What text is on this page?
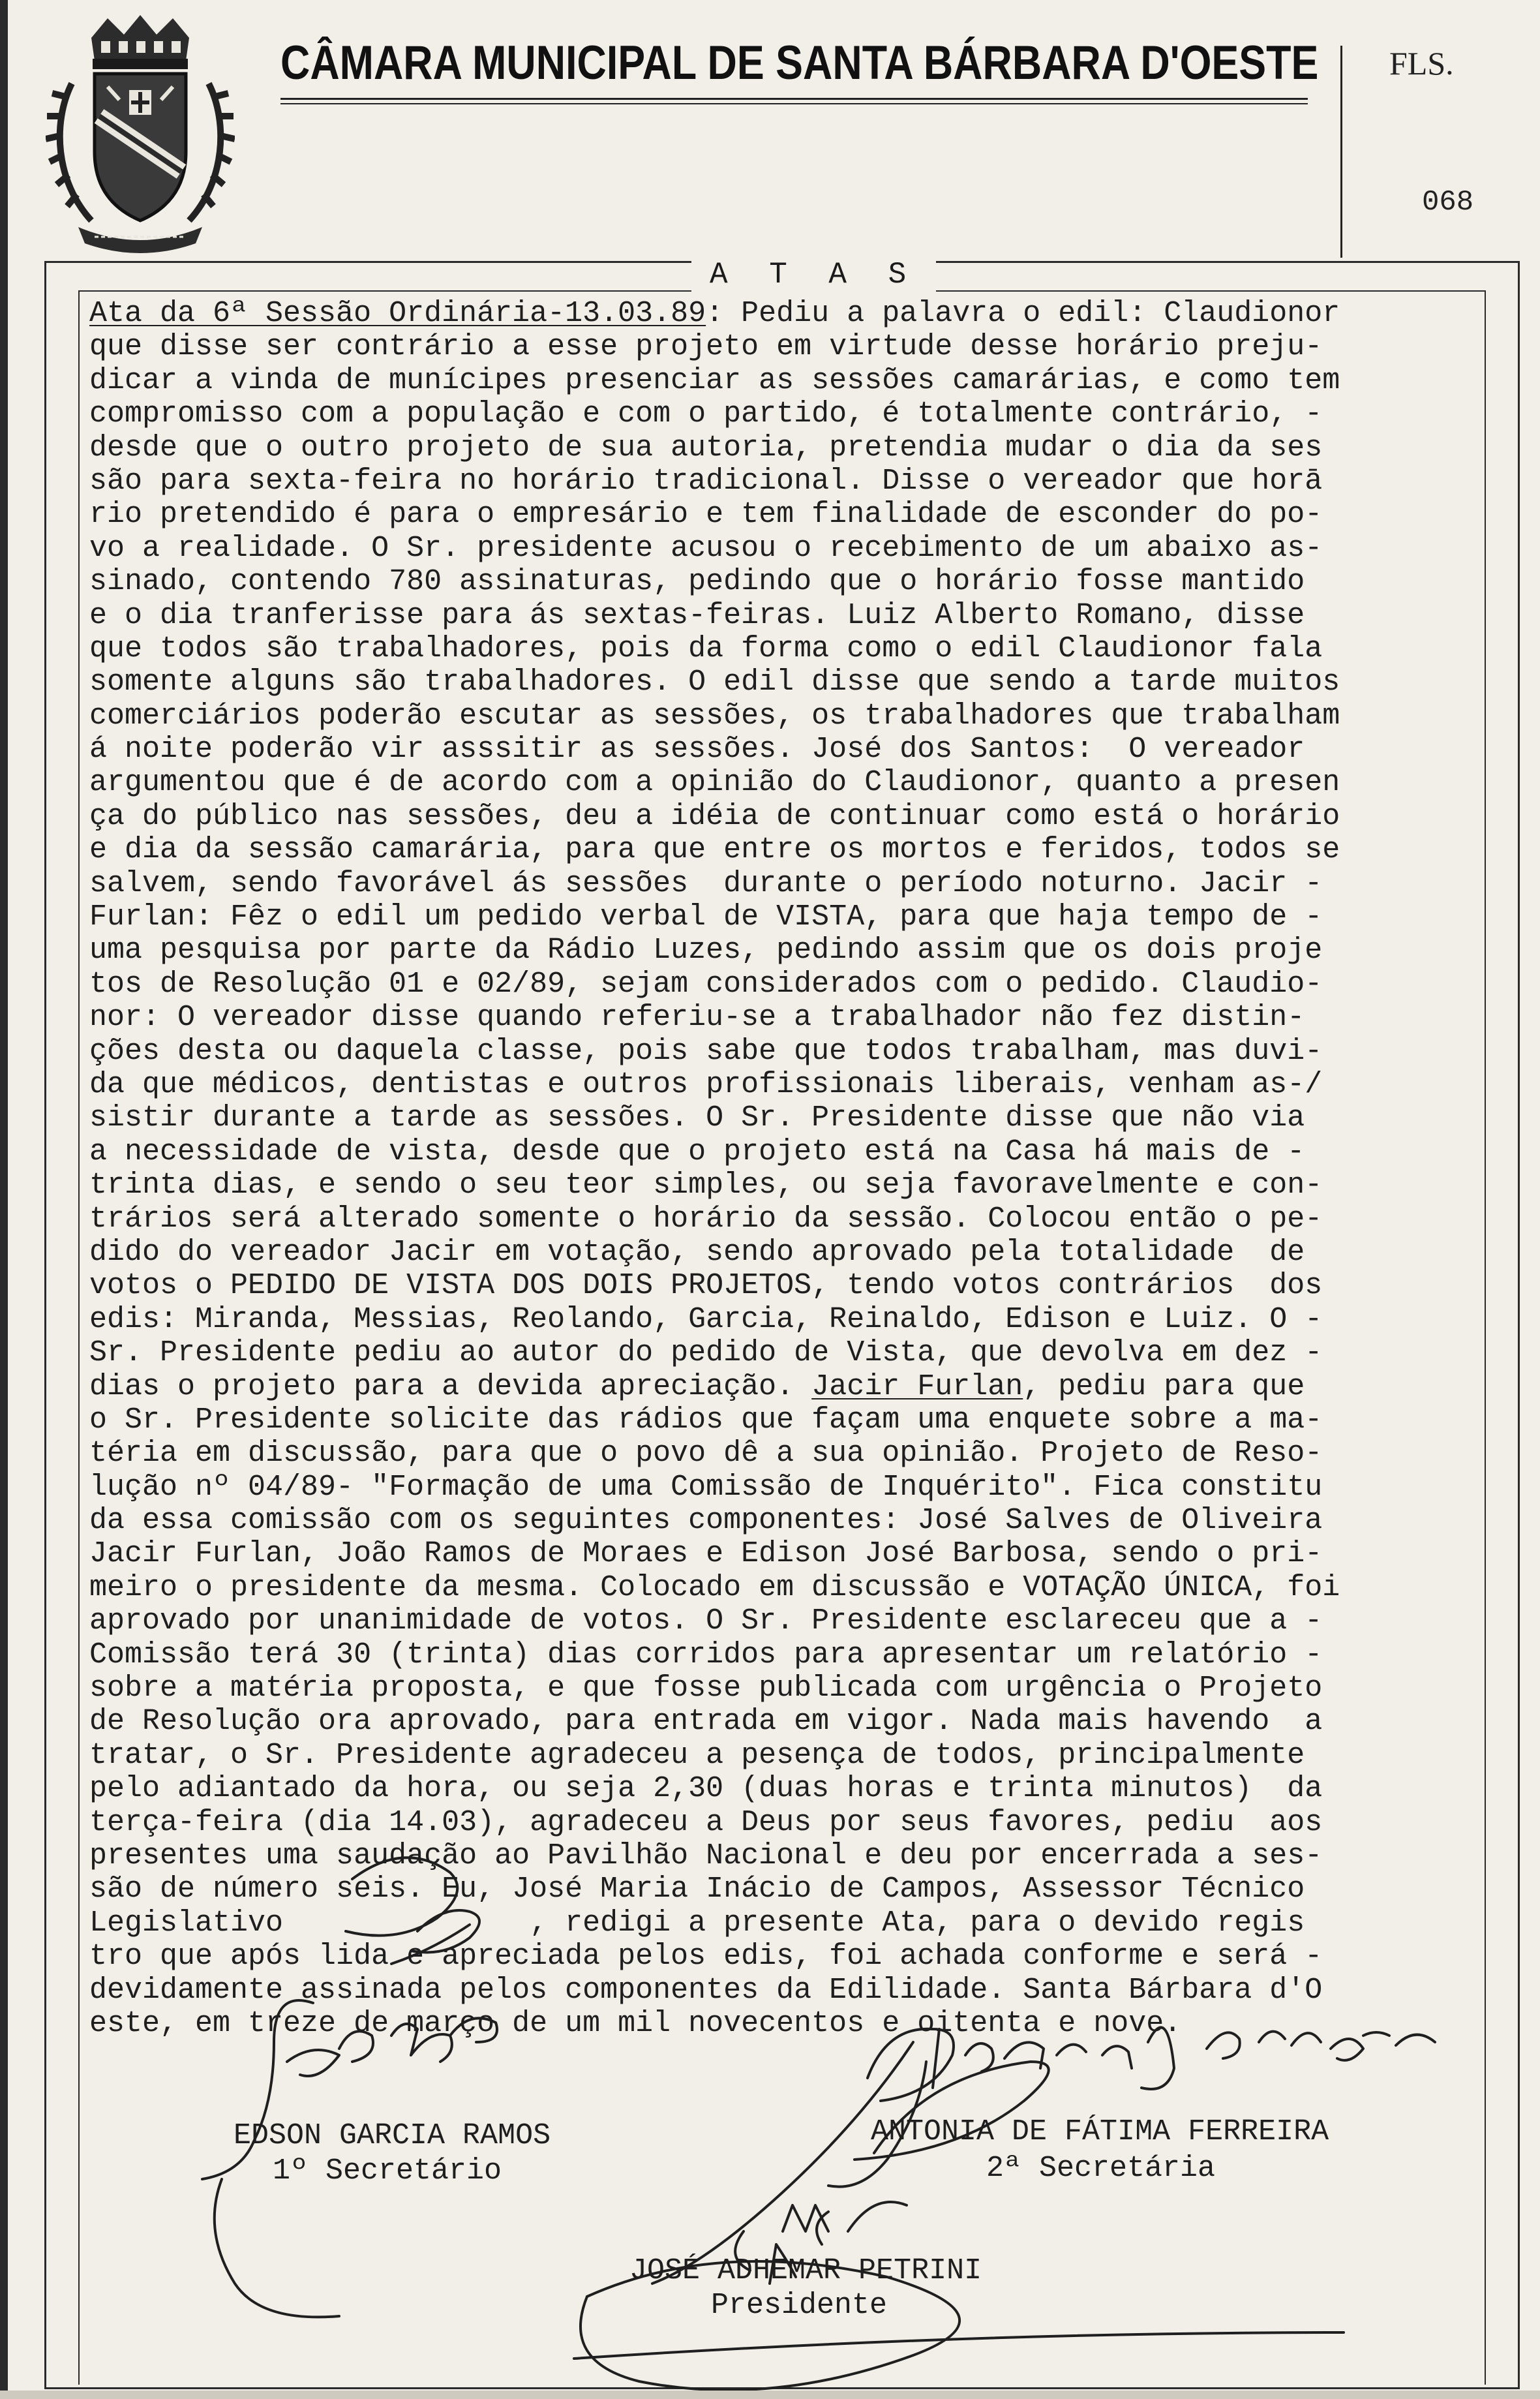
CÂMARA MUNICIPAL DE SANTA BÁRBARA D'OESTE FLS.
068
A T A S
Ata da 6ª Sessão Ordinária-13.03.89: Pediu a palavra o edil: Claudionor
que disse ser contrário a esse projeto em virtude desse horário preju-
dicar a vinda de munícipes presenciar as sessões camarárias, e como tem
compromisso com a população e com o partido, é totalmente contrário, -
desde que o outro projeto de sua autoria, pretendia mudar o dia da ses
são para sexta-feira no horário tradicional. Disse o vereador que horā
rio pretendido é para o empresário e tem finalidade de esconder do po-
vo a realidade. O Sr. presidente acusou o recebimento de um abaixo as-
sinado, contendo 780 assinaturas, pedindo que o horário fosse mantido
e o dia tranferisse para ás sextas-feiras. Luiz Alberto Romano, disse
que todos são trabalhadores, pois da forma como o edil Claudionor fala
somente alguns são trabalhadores. O edil disse que sendo a tarde muitos
comerciários poderão escutar as sessões, os trabalhadores que trabalham
á noite poderão vir asssitir as sessões. José dos Santos:  O vereador
argumentou que é de acordo com a opinião do Claudionor, quanto a presen
ça do público nas sessões, deu a idéia de continuar como está o horário
e dia da sessão camarária, para que entre os mortos e feridos, todos se
salvem, sendo favorável ás sessões  durante o período noturno. Jacir -
Furlan: Fêz o edil um pedido verbal de VISTA, para que haja tempo de -
uma pesquisa por parte da Rádio Luzes, pedindo assim que os dois proje
tos de Resolução 01 e 02/89, sejam considerados com o pedido. Claudio-
nor: O vereador disse quando referiu-se a trabalhador não fez distin-
ções desta ou daquela classe, pois sabe que todos trabalham, mas duvi-
da que médicos, dentistas e outros profissionais liberais, venham as-/
sistir durante a tarde as sessões. O Sr. Presidente disse que não via
a necessidade de vista, desde que o projeto está na Casa há mais de -
trinta dias, e sendo o seu teor simples, ou seja favoravelmente e con-
trários será alterado somente o horário da sessão. Colocou então o pe-
dido do vereador Jacir em votação, sendo aprovado pela totalidade  de
votos o PEDIDO DE VISTA DOS DOIS PROJETOS, tendo votos contrários  dos
edis: Miranda, Messias, Reolando, Garcia, Reinaldo, Edison e Luiz. O -
Sr. Presidente pediu ao autor do pedido de Vista, que devolva em dez -
dias o projeto para a devida apreciação. Jacir Furlan, pediu para que
o Sr. Presidente solicite das rádios que façam uma enquete sobre a ma-
téria em discussão, para que o povo dê a sua opinião. Projeto de Reso-
lução nº 04/89- "Formação de uma Comissão de Inquérito". Fica constitu
da essa comissão com os seguintes componentes: José Salves de Oliveira
Jacir Furlan, João Ramos de Moraes e Edison José Barbosa, sendo o pri-
meiro o presidente da mesma. Colocado em discussão e VOTAÇÃO ÚNICA, foi
aprovado por unanimidade de votos. O Sr. Presidente esclareceu que a -
Comissão terá 30 (trinta) dias corridos para apresentar um relatório -
sobre a matéria proposta, e que fosse publicada com urgência o Projeto
de Resolução ora aprovado, para entrada em vigor. Nada mais havendo  a
tratar, o Sr. Presidente agradeceu a pesença de todos, principalmente
pelo adiantado da hora, ou seja 2,30 (duas horas e trinta minutos)  da
terça-feira (dia 14.03), agradeceu a Deus por seus favores, pediu  aos
presentes uma saudação ao Pavilhão Nacional e deu por encerrada a ses-
são de número seis. Eu, José Maria Inácio de Campos, Assessor Técnico
Legislativo              , redigi a presente Ata, para o devido regis
tro que após lida e apreciada pelos edis, foi achada conforme e será -
devidamente assinada pelos componentes da Edilidade. Santa Bárbara d'O
este, em treze de março de um mil novecentos e oitenta e nove.
EDSON GARCIA RAMOS
1º Secretário
ANTONIA DE FÁTIMA FERREIRA
2ª Secretária
JOSÉ ADHEMAR PETRINI
Presidente
